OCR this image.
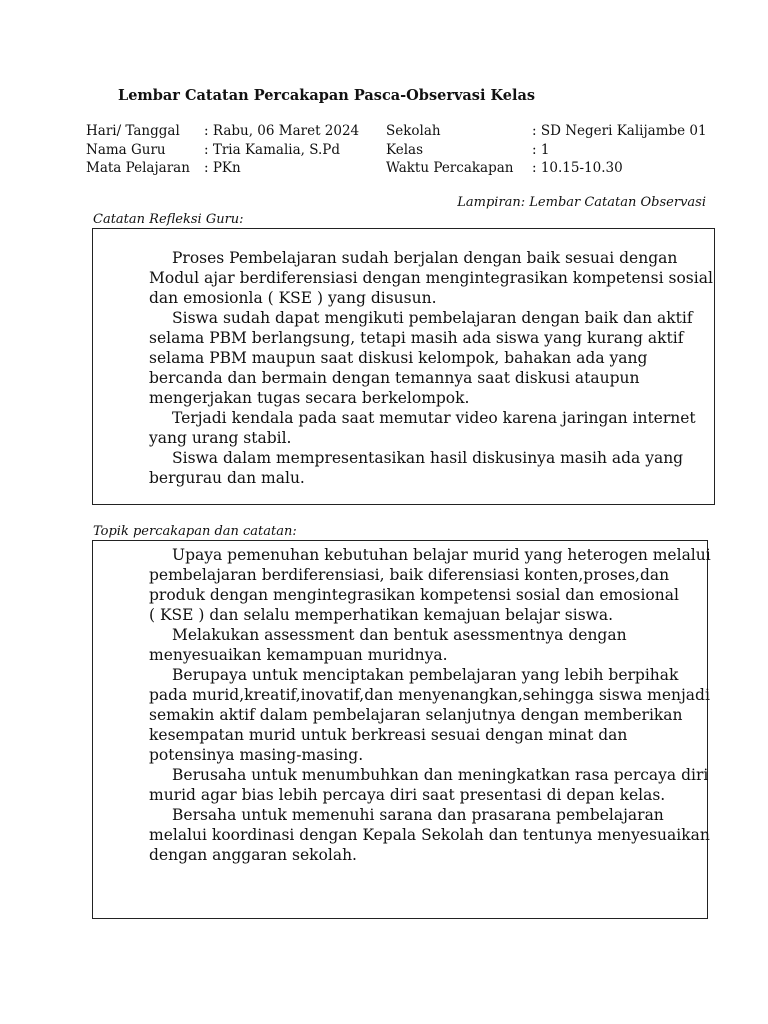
Lembar Catatan Percakapan Pasca-Observasi Kelas
Hari/ Tanggal : Rabu, 06 Maret 2024
Nama Guru	: Tria Kamalia, S.Pd
Mata Pelajaran : PKn
Sekolah	: SD Negeri Kalijambe 01
Kelas	: 1
Waktu Percakapan : 10.15-10.30
Lampiran: Lembar Catatan Observasi
Catatan Refleksi Guru:

Proses Pembelajaran sudah berjalan dengan baik sesuai dengan
Modul ajar berdiferensiasi dengan mengintegrasikan kompetensi sosial
dan emosionla ( KSE ) yang disusun.

Siswa sudah dapat mengikuti pembelajaran dengan baik dan aktif
selama PBM berlangsung, tetapi masih ada siswa yang kurang aktif
selama PBM maupun saat diskusi kelompok, bahakan ada yang
bercanda dan bermain dengan temannya saat diskusi ataupun
mengerjakan tugas secara berkelompok.

Terjadi kendala pada saat memutar video karena jaringan internet
yang urang stabil.

Siswa dalam mempresentasikan hasil diskusinya masih ada yang
bergurau dan malu.

Topik percakapan dan catatan:

Upaya pemenuhan kebutuhan belajar murid yang heterogen melalui
pembelajaran berdiferensiasi, baik diferensiasi konten,proses,dan
produk dengan mengintegrasikan kompetensi sosial dan emosional
( KSE ) dan selalu memperhatikan kemajuan belajar siswa.

Melakukan assessment dan bentuk asessmentnya dengan
menyesuaikan kemampuan muridnya.

Berupaya untuk menciptakan pembelajaran yang lebih berpihak
pada murid,kreatif,inovatif,dan menyenangkan,sehingga siswa menjadi
semakin aktif dalam pembelajaran selanjutnya dengan memberikan
kesempatan murid untuk berkreasi sesuai dengan minat dan
potensinya masing-masing.

Berusaha untuk menumbuhkan dan meningkatkan rasa percaya diri
murid agar bias lebih percaya diri saat presentasi di depan kelas.

Bersaha untuk memenuhi sarana dan prasarana pembelajaran
melalui koordinasi dengan Kepala Sekolah dan tentunya menyesuaikan
dengan anggaran sekolah.
